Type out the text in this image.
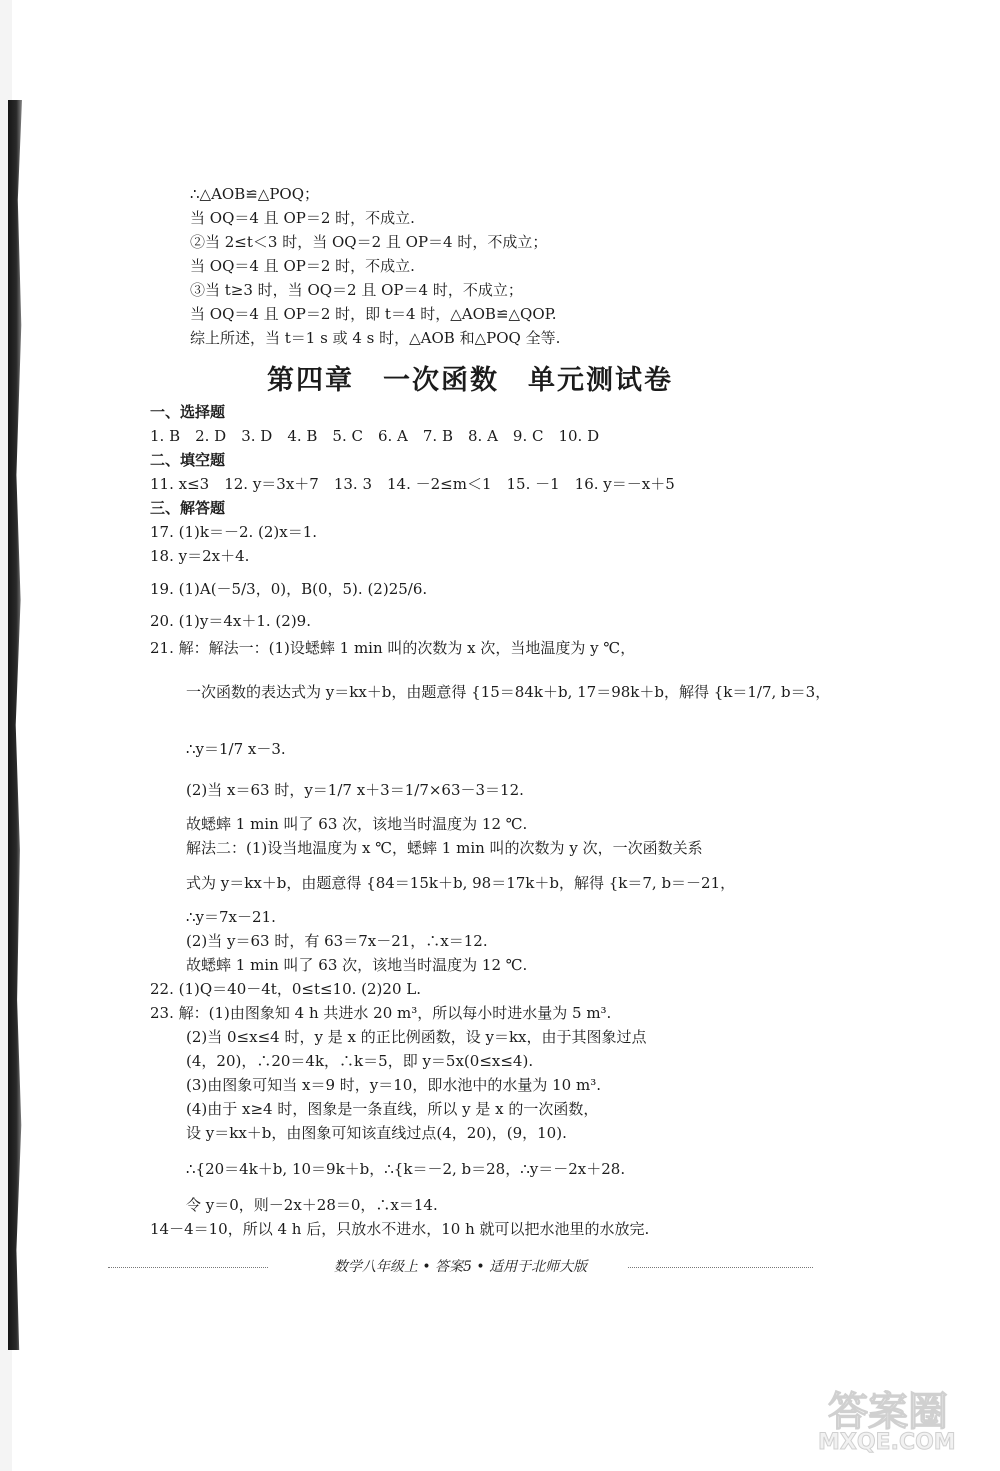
∴△AOB≌△POQ；
当 OQ＝4 且 OP＝2 时，不成立.
②当 2≤t＜3 时，当 OQ＝2 且 OP＝4 时，不成立；
当 OQ＝4 且 OP＝2 时，不成立.
③当 t≥3 时，当 OQ＝2 且 OP＝4 时，不成立；
当 OQ＝4 且 OP＝2 时，即 t＝4 时，△AOB≌△QOP.
综上所述，当 t＝1 s 或 4 s 时，△AOB 和△POQ 全等.
第四章　一次函数　单元测试卷
一、选择题
1. B　2. D　3. D　4. B　5. C　6. A　7. B　8. A　9. C　10. D
二、填空题
11. x≤3　12. y＝3x＋7　13. 3　14. －2≤m＜1　15. －1　16. y＝－x＋5
三、解答题
17. (1)k＝－2. (2)x＝1.
18. y＝2x＋4.
19. (1)A(－5/3，0)，B(0，5). (2)25/6.
20. (1)y＝4x＋1. (2)9.
21. 解：解法一：(1)设蟋蟀 1 min 叫的次数为 x 次，当地温度为 y ℃，
一次函数的表达式为 y＝kx＋b，由题意得 {15＝84k＋b, 17＝98k＋b，解得 {k＝1/7, b＝3，
∴y＝1/7 x－3.
(2)当 x＝63 时，y＝1/7 x＋3＝1/7×63－3＝12.
故蟋蟀 1 min 叫了 63 次，该地当时温度为 12 ℃.
解法二：(1)设当地温度为 x ℃，蟋蟀 1 min 叫的次数为 y 次，一次函数关系
式为 y＝kx＋b，由题意得 {84＝15k＋b, 98＝17k＋b，解得 {k＝7, b＝－21，
∴y＝7x－21.
(2)当 y＝63 时，有 63＝7x－21，∴x＝12.
故蟋蟀 1 min 叫了 63 次，该地当时温度为 12 ℃.
22. (1)Q＝40－4t，0≤t≤10. (2)20 L.
23. 解：(1)由图象知 4 h 共进水 20 m³，所以每小时进水量为 5 m³.
(2)当 0≤x≤4 时，y 是 x 的正比例函数，设 y＝kx，由于其图象过点
(4，20)，∴20＝4k，∴k＝5，即 y＝5x(0≤x≤4).
(3)由图象可知当 x＝9 时，y＝10，即水池中的水量为 10 m³.
(4)由于 x≥4 时，图象是一条直线，所以 y 是 x 的一次函数，
设 y＝kx＋b，由图象可知该直线过点(4，20)，(9，10).
∴{20＝4k＋b, 10＝9k＋b，∴{k＝－2, b＝28，∴y＝－2x＋28.
令 y＝0，则－2x＋28＝0，∴x＝14.
14－4＝10，所以 4 h 后，只放水不进水，10 h 就可以把水池里的水放完.
数学八年级上 • 答案5 • 适用于北师大版
答案圈
MXQE.COM
